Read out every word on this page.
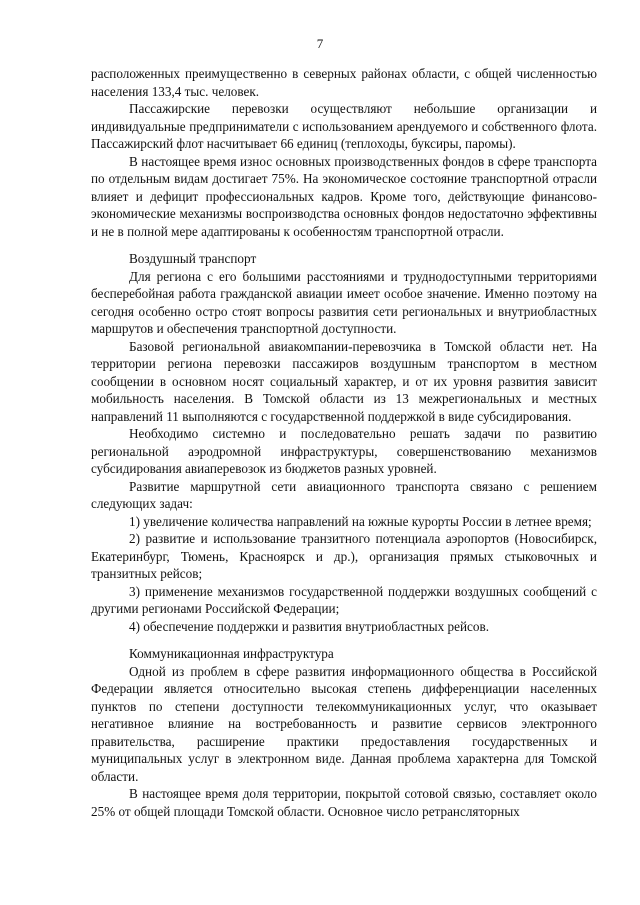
7

расположенных преимущественно в северных районах области, с общей численностью населения 133,4 тыс. человек.

Пассажирские перевозки осуществляют небольшие организации и индивидуальные предприниматели с использованием арендуемого и собственного флота. Пассажирский флот насчитывает 66 единиц (теплоходы, буксиры, паромы).

В настоящее время износ основных производственных фондов в сфере транспорта по отдельным видам достигает 75%. На экономическое состояние транспортной отрасли влияет и дефицит профессиональных кадров. Кроме того, действующие финансово-экономические механизмы воспроизводства основных фондов недостаточно эффективны и не в полной мере адаптированы к особенностям транспортной отрасли.

Воздушный транспорт

Для региона с его большими расстояниями и труднодоступными территориями бесперебойная работа гражданской авиации имеет особое значение. Именно поэтому на сегодня особенно остро стоят вопросы развития сети региональных и внутриобластных маршрутов и обеспечения транспортной доступности.

Базовой региональной авиакомпании-перевозчика в Томской области нет. На территории региона перевозки пассажиров воздушным транспортом в местном сообщении в основном носят социальный характер, и от их уровня развития зависит мобильность населения. В Томской области из 13 межрегиональных и местных направлений 11 выполняются с государственной поддержкой в виде субсидирования.

Необходимо системно и последовательно решать задачи по развитию региональной аэродромной инфраструктуры, совершенствованию механизмов субсидирования авиаперевозок из бюджетов разных уровней.

Развитие маршрутной сети авиационного транспорта связано с решением следующих задач:

1) увеличение количества направлений на южные курорты России в летнее время;

2) развитие и использование транзитного потенциала аэропортов (Новосибирск, Екатеринбург, Тюмень, Красноярск и др.), организация прямых стыковочных и транзитных рейсов;

3) применение механизмов государственной поддержки воздушных сообщений с другими регионами Российской Федерации;

4) обеспечение поддержки и развития внутриобластных рейсов.

Коммуникационная инфраструктура

Одной из проблем в сфере развития информационного общества в Российской Федерации является относительно высокая степень дифференциации населенных пунктов по степени доступности телекоммуникационных услуг, что оказывает негативное влияние на востребованность и развитие сервисов электронного правительства, расширение практики предоставления государственных и муниципальных услуг в электронном виде. Данная проблема характерна для Томской области.

В настоящее время доля территории, покрытой сотовой связью, составляет около 25% от общей площади Томской области. Основное число ретрансляторных
